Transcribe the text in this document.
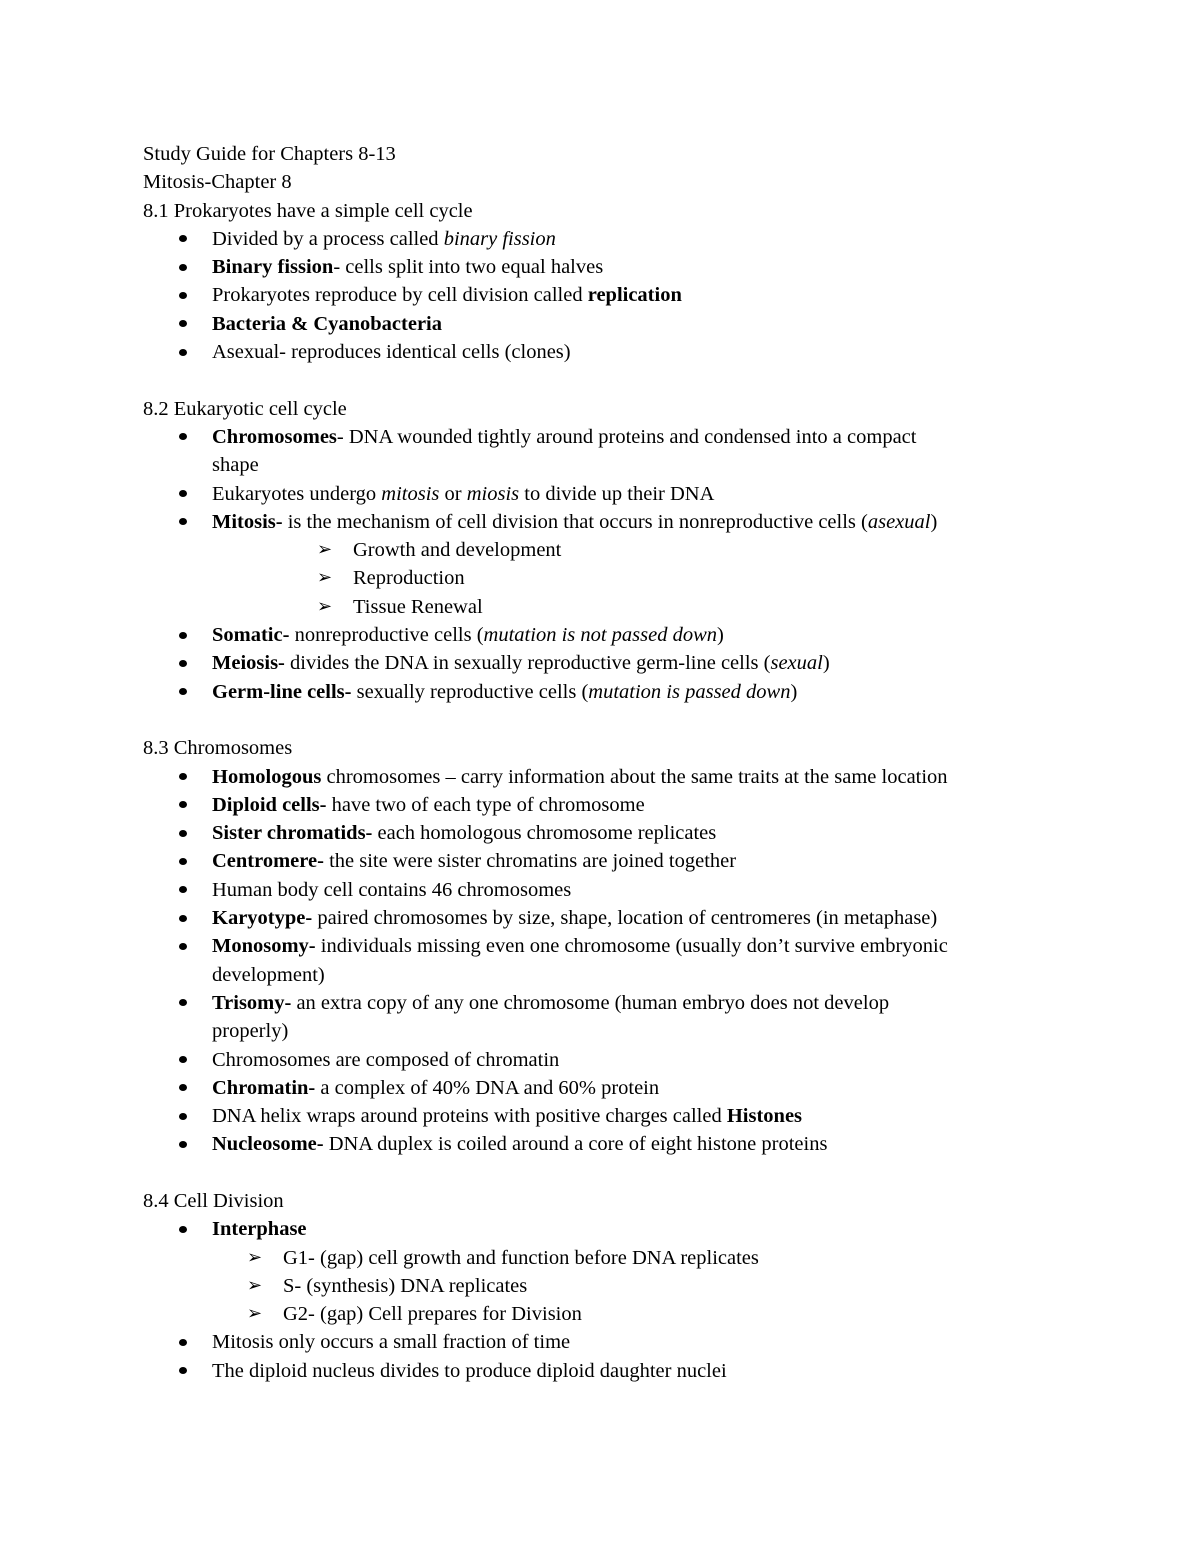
Study Guide for Chapters 8-13
Mitosis-Chapter 8
8.1 Prokaryotes have a simple cell cycle
Divided by a process called binary fission
Binary fission- cells split into two equal halves
Prokaryotes reproduce by cell division called replication
Bacteria & Cyanobacteria
Asexual- reproduces identical cells (clones)
8.2 Eukaryotic cell cycle
Chromosomes- DNA wounded tightly around proteins and condensed into a compact
shape
Eukaryotes undergo mitosis or miosis to divide up their DNA
Mitosis- is the mechanism of cell division that occurs in nonreproductive cells (asexual)
➢ Growth and development
➢ Reproduction
➢ Tissue Renewal
Somatic- nonreproductive cells (mutation is not passed down)
Meiosis- divides the DNA in sexually reproductive germ-line cells (sexual)
Germ-line cells- sexually reproductive cells (mutation is passed down)
8.3 Chromosomes
Homologous chromosomes – carry information about the same traits at the same location
Diploid cells- have two of each type of chromosome
Sister chromatids- each homologous chromosome replicates
Centromere- the site were sister chromatins are joined together
Human body cell contains 46 chromosomes
Karyotype- paired chromosomes by size, shape, location of centromeres (in metaphase)
Monosomy- individuals missing even one chromosome (usually don’t survive embryonic
development)
Trisomy- an extra copy of any one chromosome (human embryo does not develop
properly)
Chromosomes are composed of chromatin
Chromatin- a complex of 40% DNA and 60% protein
DNA helix wraps around proteins with positive charges called Histones
Nucleosome- DNA duplex is coiled around a core of eight histone proteins
8.4 Cell Division
Interphase
➢ G1- (gap) cell growth and function before DNA replicates
➢ S- (synthesis) DNA replicates
➢ G2- (gap) Cell prepares for Division
Mitosis only occurs a small fraction of time
The diploid nucleus divides to produce diploid daughter nuclei
